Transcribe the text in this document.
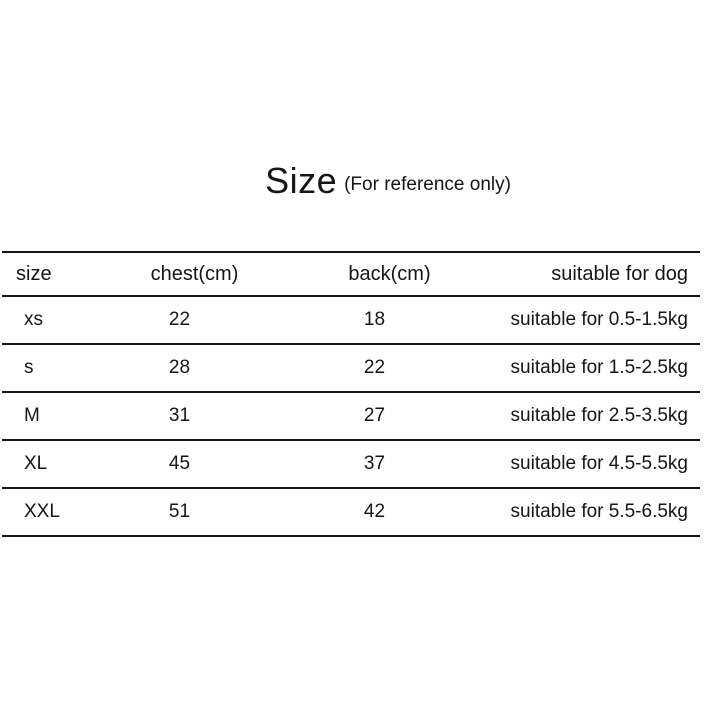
Size (For reference only)
size	chest(cm)	back(cm)	suitable for dog
xs	22	18	suitable for 0.5-1.5kg
s	28	22	suitable for 1.5-2.5kg
M	31	27	suitable for 2.5-3.5kg
XL	45	37	suitable for 4.5-5.5kg
XXL	51	42	suitable for 5.5-6.5kg
